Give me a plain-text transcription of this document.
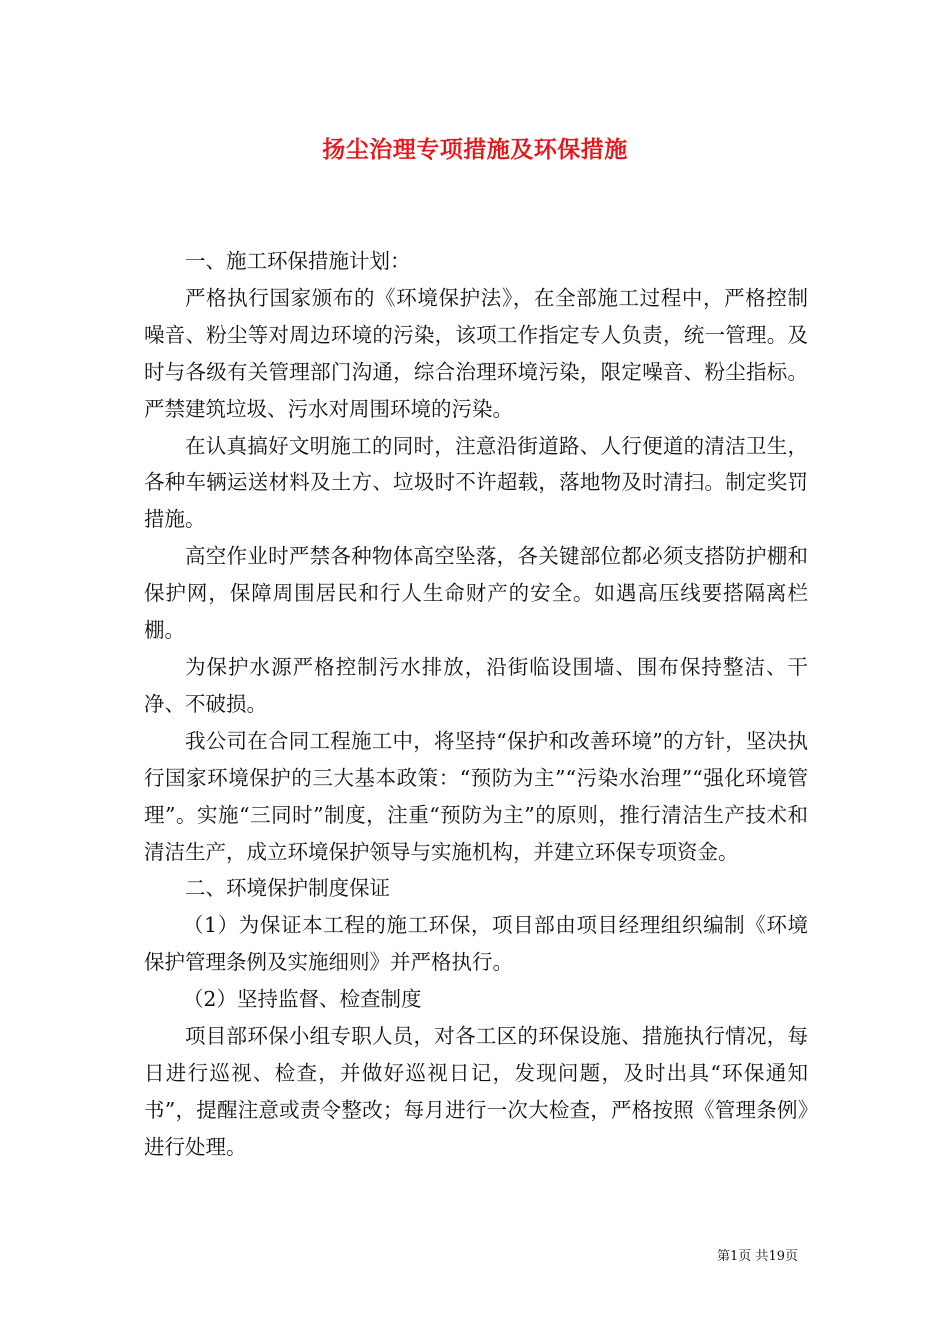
扬尘治理专项措施及环保措施

一、施工环保措施计划：

严格执行国家颁布的《环境保护法》，在全部施工过程中，严格控制噪音、粉尘等对周边环境的污染，该项工作指定专人负责，统一管理。及时与各级有关管理部门沟通，综合治理环境污染，限定噪音、粉尘指标。严禁建筑垃圾、污水对周围环境的污染。

在认真搞好文明施工的同时，注意沿街道路、人行便道的清洁卫生，各种车辆运送材料及土方、垃圾时不许超载，落地物及时清扫。制定奖罚措施。

高空作业时严禁各种物体高空坠落，各关键部位都必须支搭防护棚和保护网，保障周围居民和行人生命财产的安全。如遇高压线要搭隔离栏棚。

为保护水源严格控制污水排放，沿街临设围墙、围布保持整洁、干净、不破损。

我公司在合同工程施工中，将坚持“保护和改善环境”的方针，坚决执行国家环境保护的三大基本政策：“预防为主”“污染水治理”“强化环境管理”。实施“三同时”制度，注重“预防为主”的原则，推行清洁生产技术和清洁生产，成立环境保护领导与实施机构，并建立环保专项资金。

二、环境保护制度保证

（1）为保证本工程的施工环保，项目部由项目经理组织编制《环境保护管理条例及实施细则》并严格执行。

（2）坚持监督、检查制度

项目部环保小组专职人员，对各工区的环保设施、措施执行情况，每日进行巡视、检查，并做好巡视日记，发现问题，及时出具“环保通知书”，提醒注意或责令整改；每月进行一次大检查，严格按照《管理条例》进行处理。

第1页 共19页
